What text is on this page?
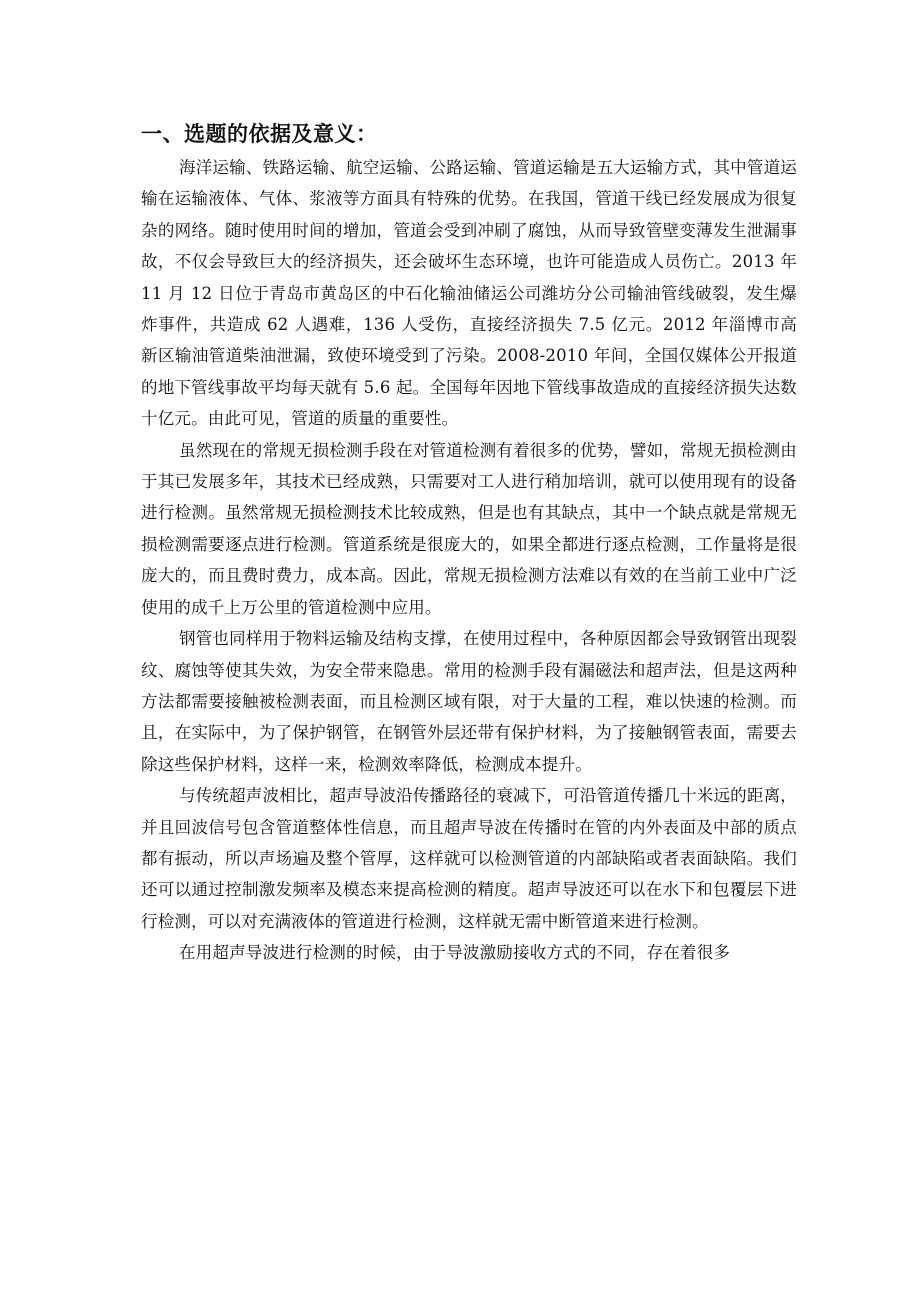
一、选题的依据及意义：

海洋运输、铁路运输、航空运输、公路运输、管道运输是五大运输方式，其中管道运输在运输液体、气体、浆液等方面具有特殊的优势。在我国，管道干线已经发展成为很复杂的网络。随时使用时间的增加，管道会受到冲刷了腐蚀，从而导致管壁变薄发生泄漏事故，不仅会导致巨大的经济损失，还会破坏生态环境，也许可能造成人员伤亡。2013 年 11 月 12 日位于青岛市黄岛区的中石化输油储运公司潍坊分公司输油管线破裂，发生爆炸事件，共造成 62 人遇难，136 人受伤，直接经济损失 7.5 亿元。2012 年淄博市高新区输油管道柴油泄漏，致使环境受到了污染。2008-2010 年间，全国仅媒体公开报道的地下管线事故平均每天就有 5.6 起。全国每年因地下管线事故造成的直接经济损失达数十亿元。由此可见，管道的质量的重要性。

虽然现在的常规无损检测手段在对管道检测有着很多的优势，譬如，常规无损检测由于其已发展多年，其技术已经成熟，只需要对工人进行稍加培训，就可以使用现有的设备进行检测。虽然常规无损检测技术比较成熟，但是也有其缺点，其中一个缺点就是常规无损检测需要逐点进行检测。管道系统是很庞大的，如果全都进行逐点检测，工作量将是很庞大的，而且费时费力，成本高。因此，常规无损检测方法难以有效的在当前工业中广泛使用的成千上万公里的管道检测中应用。

钢管也同样用于物料运输及结构支撑，在使用过程中，各种原因都会导致钢管出现裂纹、腐蚀等使其失效，为安全带来隐患。常用的检测手段有漏磁法和超声法，但是这两种方法都需要接触被检测表面，而且检测区域有限，对于大量的工程，难以快速的检测。而且，在实际中，为了保护钢管，在钢管外层还带有保护材料，为了接触钢管表面，需要去除这些保护材料，这样一来，检测效率降低，检测成本提升。

与传统超声波相比，超声导波沿传播路径的衰减下，可沿管道传播几十米远的距离，并且回波信号包含管道整体性信息，而且超声导波在传播时在管的内外表面及中部的质点都有振动，所以声场遍及整个管厚，这样就可以检测管道的内部缺陷或者表面缺陷。我们还可以通过控制激发频率及模态来提高检测的精度。超声导波还可以在水下和包覆层下进行检测，可以对充满液体的管道进行检测，这样就无需中断管道来进行检测。

在用超声导波进行检测的时候，由于导波激励接收方式的不同，存在着很多
